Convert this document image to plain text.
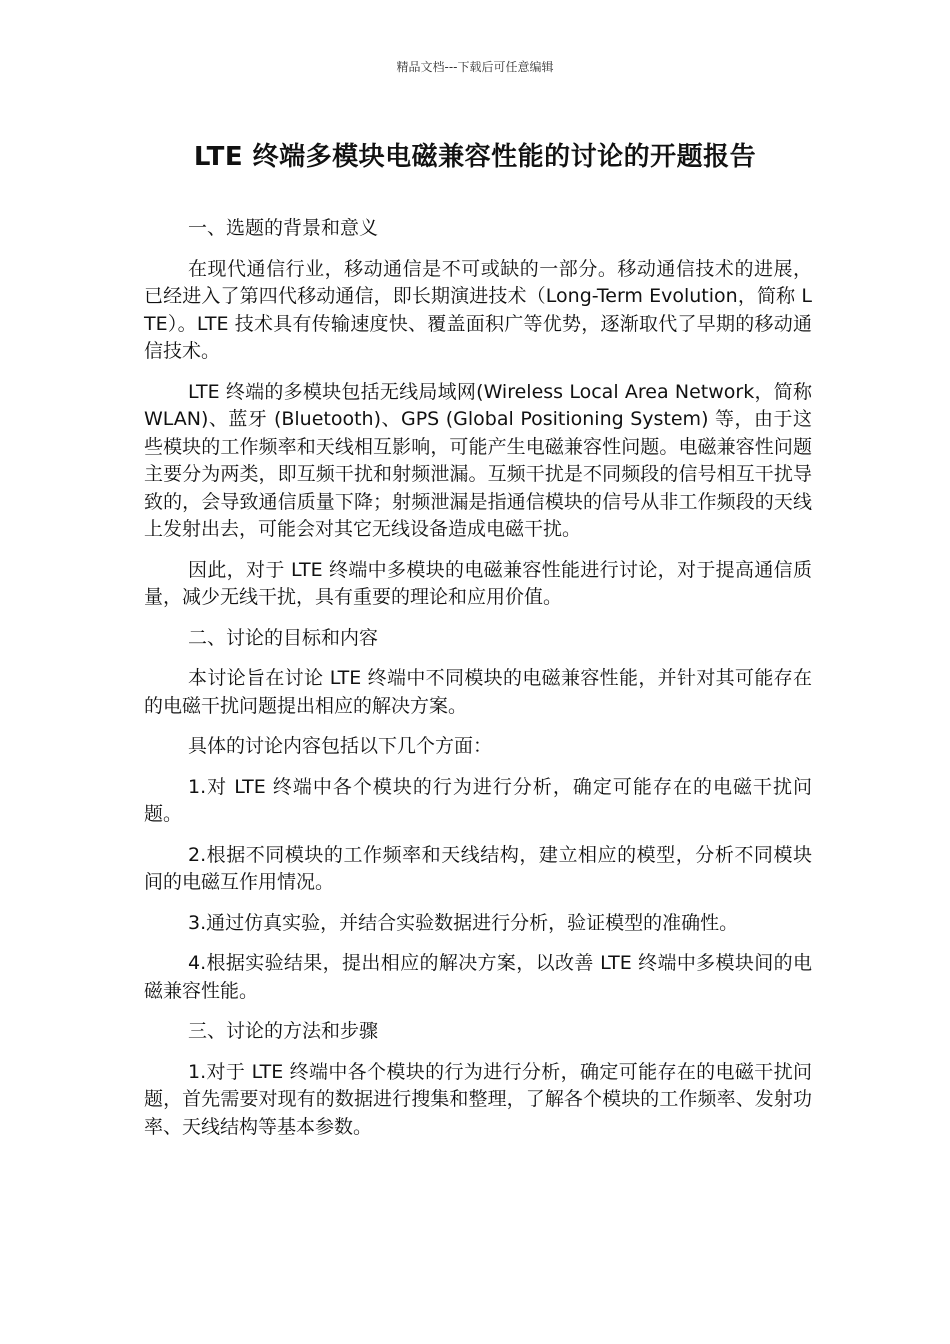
精品文档---下载后可任意编辑
LTE 终端多模块电磁兼容性能的讨论的开题报告

一、选题的背景和意义

在现代通信行业，移动通信是不可或缺的一部分。移动通信技术的进展，已经进入了第四代移动通信，即长期演进技术（Long-Term Evolution，简称 LTE）。LTE 技术具有传输速度快、覆盖面积广等优势，逐渐取代了早期的移动通信技术。

LTE 终端的多模块包括无线局域网(Wireless Local Area Network，简称 WLAN)、蓝牙 (Bluetooth)、GPS (Global Positioning System) 等，由于这些模块的工作频率和天线相互影响，可能产生电磁兼容性问题。电磁兼容性问题主要分为两类，即互频干扰和射频泄漏。互频干扰是不同频段的信号相互干扰导致的，会导致通信质量下降；射频泄漏是指通信模块的信号从非工作频段的天线上发射出去，可能会对其它无线设备造成电磁干扰。

因此，对于 LTE 终端中多模块的电磁兼容性能进行讨论，对于提高通信质量，减少无线干扰，具有重要的理论和应用价值。

二、讨论的目标和内容

本讨论旨在讨论 LTE 终端中不同模块的电磁兼容性能，并针对其可能存在的电磁干扰问题提出相应的解决方案。

具体的讨论内容包括以下几个方面：

1.对 LTE 终端中各个模块的行为进行分析，确定可能存在的电磁干扰问题。

2.根据不同模块的工作频率和天线结构，建立相应的模型，分析不同模块间的电磁互作用情况。

3.通过仿真实验，并结合实验数据进行分析，验证模型的准确性。

4.根据实验结果，提出相应的解决方案，以改善 LTE 终端中多模块间的电磁兼容性能。

三、讨论的方法和步骤

1.对于 LTE 终端中各个模块的行为进行分析，确定可能存在的电磁干扰问题，首先需要对现有的数据进行搜集和整理，了解各个模块的工作频率、发射功率、天线结构等基本参数。
